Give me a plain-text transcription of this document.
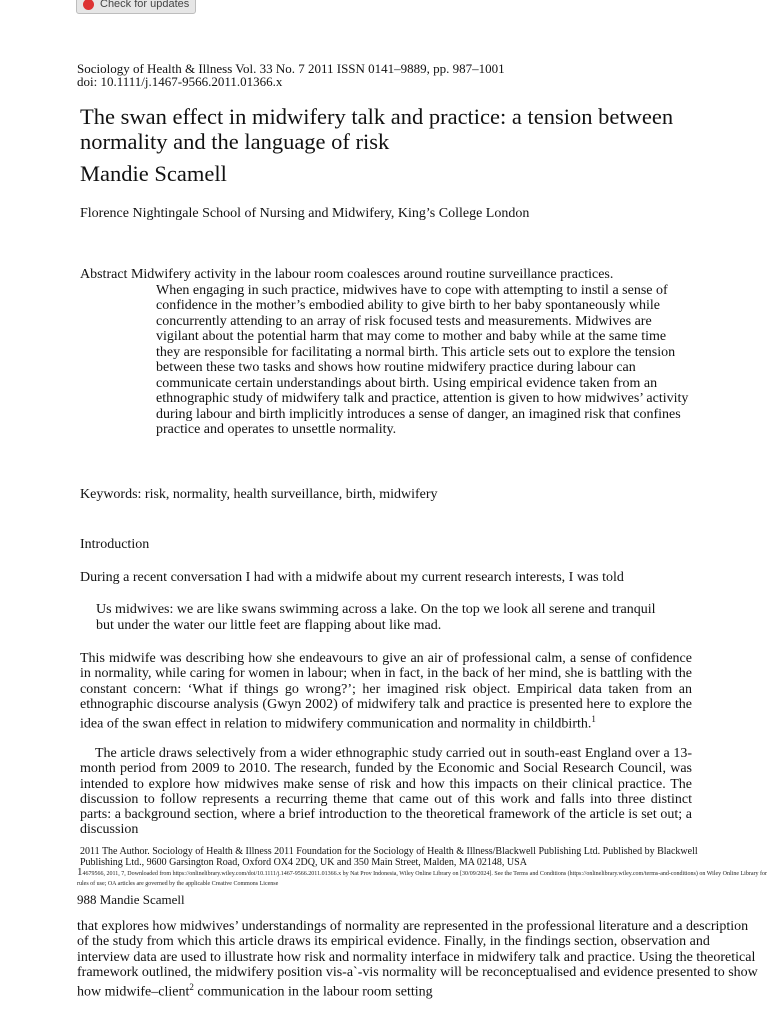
Check for updates
Sociology of Health & Illness Vol. 33 No. 7 2011 ISSN 0141–9889, pp. 987–1001
doi: 10.1111/j.1467-9566.2011.01366.x
The swan effect in midwifery talk and practice: a tension between normality and the language of risk
Mandie Scamell
Florence Nightingale School of Nursing and Midwifery, King’s College London
Abstract Midwifery activity in the labour room coalesces around routine surveillance practices.
When engaging in such practice, midwives have to cope with attempting to instil a sense of confidence in the mother’s embodied ability to give birth to her baby spontaneously while concurrently attending to an array of risk focused tests and measurements. Midwives are vigilant about the potential harm that may come to mother and baby while at the same time they are responsible for facilitating a normal birth. This article sets out to explore the tension between these two tasks and shows how routine midwifery practice during labour can communicate certain understandings about birth. Using empirical evidence taken from an ethnographic study of midwifery talk and practice, attention is given to how midwives’ activity during labour and birth implicitly introduces a sense of danger, an imagined risk that confines practice and operates to unsettle normality.
Keywords: risk, normality, health surveillance, birth, midwifery
Introduction
During a recent conversation I had with a midwife about my current research interests, I was told
Us midwives: we are like swans swimming across a lake. On the top we look all serene and tranquil but under the water our little feet are flapping about like mad.
This midwife was describing how she endeavours to give an air of professional calm, a sense of confidence in normality, while caring for women in labour; when in fact, in the back of her mind, she is battling with the constant concern: ‘What if things go wrong?’; her imagined risk object. Empirical data taken from an ethnographic discourse analysis (Gwyn 2002) of midwifery talk and practice is presented here to explore the idea of the swan effect in relation to midwifery communication and normality in childbirth.$^1$
The article draws selectively from a wider ethnographic study carried out in south-east England over a 13-month period from 2009 to 2010. The research, funded by the Economic and Social Research Council, was intended to explore how midwives make sense of risk and how this impacts on their clinical practice. The discussion to follow represents a recurring theme that came out of this work and falls into three distinct parts: a background section, where a brief introduction to the theoretical framework of the article is set out; a discussion
2011 The Author. Sociology of Health & Illness 2011 Foundation for the Sociology of Health & Illness/Blackwell Publishing Ltd. Published by Blackwell Publishing Ltd., 9600 Garsington Road, Oxford OX4 2DQ, UK and 350 Main Street, Malden, MA 02148, USA
14679566, 2011, 7, Downloaded from https://onlinelibrary.wiley.com/doi/10.1111/j.1467-9566.2011.01366.x by Nat Prov Indonesia, Wiley Online Library on [30/09/2024]. See the Terms and Conditions (https://onlinelibrary.wiley.com/terms-and-conditions) on Wiley Online Library for rules of use; OA articles are governed by the applicable Creative Commons License
988 Mandie Scamell
that explores how midwives’ understandings of normality are represented in the professional literature and a description of the study from which this article draws its empirical evidence. Finally, in the findings section, observation and interview data are used to illustrate how risk and normality interface in midwifery talk and practice. Using the theoretical framework outlined, the midwifery position vis-a`-vis normality will be reconceptualised and evidence presented to show how midwife–client$^2$ communication in the labour room setting
